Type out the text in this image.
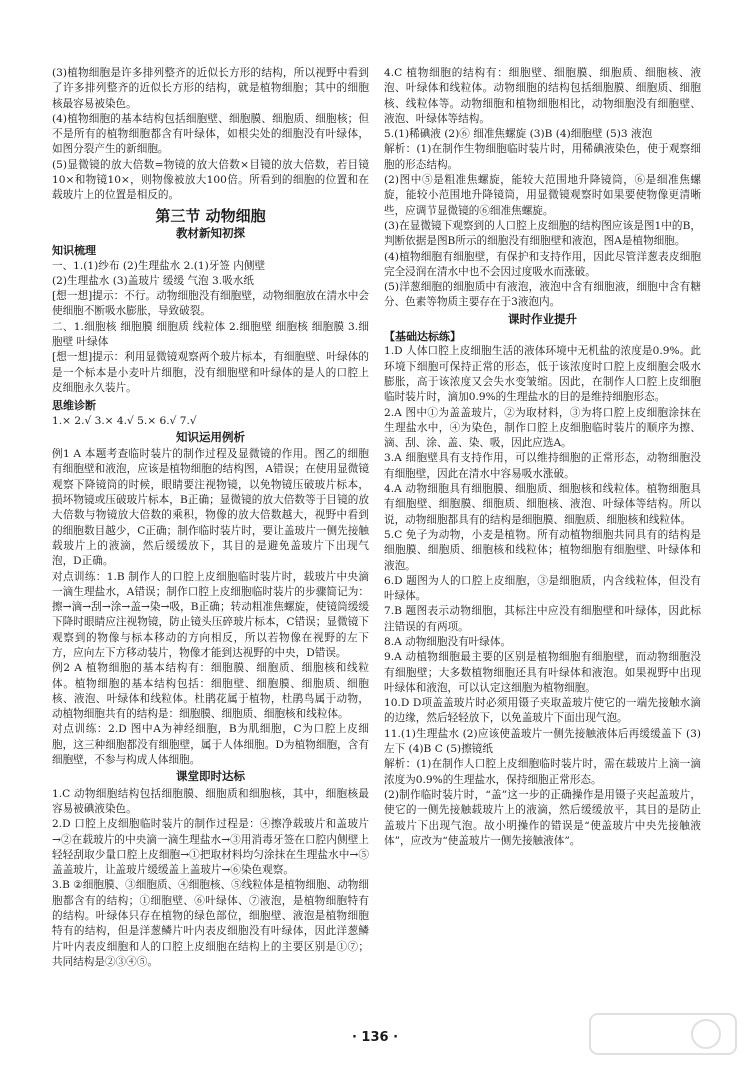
(3)植物细胞是许多排列整齐的近似长方形的结构，所以视野中看到了许多排列整齐的近似长方形的结构，就是植物细胞；其中的细胞核最容易被染色。

(4)植物细胞的基本结构包括细胞壁、细胞膜、细胞质、细胞核；但不是所有的植物细胞都含有叶绿体，如根尖处的细胞没有叶绿体，如图分裂产生的新细胞。

(5)显微镜的放大倍数=物镜的放大倍数×目镜的放大倍数，若目镜10×和物镜10×，则物像被放大100倍。所看到的细胞的位置和在载玻片上的位置是相反的。

第三节 动物细胞
教材新知初探
知识梳理

一、1.(1)纱布 (2)生理盐水 2.(1)牙签 内侧壁

(2)生理盐水 (3)盖玻片 缓缓 气泡 3.吸水纸

[想一想]提示：不行。动物细胞没有细胞壁，动物细胞放在清水中会使细胞不断吸水膨胀，导致破裂。

二、1.细胞核 细胞膜 细胞质 线粒体 2.细胞壁 细胞核 细胞膜 3.细胞壁 叶绿体

[想一想]提示：利用显微镜观察两个玻片标本，有细胞壁、叶绿体的是一个标本是小麦叶片细胞，没有细胞壁和叶绿体的是人的口腔上皮细胞永久装片。

思维诊断

1.× 2.√ 3.× 4.√ 5.× 6.√ 7.√

知识运用例析

例1 A 本题考查临时装片的制作过程及显微镜的作用。图乙的细胞有细胞壁和液泡，应该是植物细胞的结构图，A错误；在使用显微镜观察下降镜筒的时候，眼睛要注视物镜，以免物镜压破玻片标本，损坏物镜或压破玻片标本，B正确；显微镜的放大倍数等于目镜的放大倍数与物镜放大倍数的乘积，物像的放大倍数越大，视野中看到的细胞数目越少，C正确；制作临时装片时，要让盖玻片一侧先接触载玻片上的液滴，然后缓缓放下，其目的是避免盖玻片下出现气泡，D正确。

对点训练：1.B 制作人的口腔上皮细胞临时装片时，载玻片中央滴一滴生理盐水，A错误；制作口腔上皮细胞临时装片的步骤简记为：擦→滴→刮→涂→盖→染→吸，B正确；转动粗准焦螺旋，使镜筒缓缓下降时眼睛应注视物镜，防止镜头压碎玻片标本，C错误；显微镜下观察到的物像与标本移动的方向相反，所以若物像在视野的左下方，应向左下方移动装片，物像才能到达视野的中央，D错误。

例2 A 植物细胞的基本结构有：细胞膜、细胞质、细胞核和线粒体。植物细胞的基本结构包括：细胞壁、细胞膜、细胞质、细胞核、液泡、叶绿体和线粒体。杜鹃花属于植物，杜鹃鸟属于动物，动植物细胞共有的结构是：细胞膜、细胞质、细胞核和线粒体。

对点训练：2.D 图中A为神经细胞，B为肌细胞，C为口腔上皮细胞，这三种细胞都没有细胞壁，属于人体细胞。D为植物细胞，含有细胞壁，不参与构成人体细胞。

课堂即时达标

1.C 动物细胞结构包括细胞膜、细胞质和细胞核，其中，细胞核最容易被碘液染色。

2.D 口腔上皮细胞临时装片的制作过程是：④擦净载玻片和盖玻片→②在载玻片的中央滴一滴生理盐水→③用消毒牙签在口腔内侧壁上轻轻刮取少量口腔上皮细胞→①把取材料均匀涂抹在生理盐水中→⑤盖盖玻片，让盖玻片缓缓盖上盖玻片→⑥染色观察。

3.B ②细胞膜、③细胞质、④细胞核、⑤线粒体是植物细胞、动物细胞都含有的结构；①细胞壁、⑥叶绿体、⑦液泡，是植物细胞特有的结构。叶绿体只存在植物的绿色部位，细胞壁、液泡是植物细胞特有的结构，但是洋葱鳞片叶内表皮细胞没有叶绿体，因此洋葱鳞片叶内表皮细胞和人的口腔上皮细胞在结构上的主要区别是①⑦；共同结构是②③④⑤。

4.C 植物细胞的结构有：细胞壁、细胞膜、细胞质、细胞核、液泡、叶绿体和线粒体。动物细胞的结构包括细胞膜、细胞质、细胞核、线粒体等。动物细胞和植物细胞相比，动物细胞没有细胞壁、液泡、叶绿体等结构。

5.(1)稀碘液 (2)⑥ 细准焦螺旋 (3)B (4)细胞壁 (5)3 液泡

解析：(1)在制作生物细胞临时装片时，用稀碘液染色，使于观察细胞的形态结构。

(2)图中⑤是粗准焦螺旋，能较大范围地升降镜筒，⑥是细准焦螺旋，能较小范围地升降镜筒，用显微镜观察时如果要使物像更清晰些，应调节显微镜的⑥细准焦螺旋。

(3)在显微镜下观察到的人口腔上皮细胞的结构图应该是图1中的B，判断依据是图B所示的细胞没有细胞壁和液泡，图A是植物细胞。

(4)植物细胞有细胞壁，有保护和支持作用，因此尽管洋葱表皮细胞完全浸润在清水中也不会因过度吸水而涨破。

(5)洋葱细胞的细胞质中有液泡，液泡中含有细胞液，细胞中含有糖分、色素等物质主要存在于3液泡内。

课时作业提升
【基础达标练】

1.D 人体口腔上皮细胞生活的液体环境中无机盐的浓度是0.9%。此环境下细胞可保持正常的形态，低于该浓度时口腔上皮细胞会吸水膨胀，高于该浓度又会失水变皱缩。因此，在制作人口腔上皮细胞临时装片时，滴加0.9%的生理盐水的目的是维持细胞形态。

2.A 图中①为盖盖玻片，②为取材料，③为将口腔上皮细胞涂抹在生理盐水中，④为染色，制作口腔上皮细胞临时装片的顺序为擦、滴、刮、涂、盖、染、吸，因此应选A。

3.A 细胞壁具有支持作用，可以维持细胞的正常形态，动物细胞没有细胞壁，因此在清水中容易吸水涨破。

4.A 动物细胞具有细胞膜、细胞质、细胞核和线粒体。植物细胞具有细胞壁、细胞膜、细胞质、细胞核、液泡、叶绿体等结构。所以说，动物细胞都具有的结构是细胞膜、细胞质、细胞核和线粒体。

5.C 免子为动物，小麦是植物。所有动植物细胞共同具有的结构是细胞膜、细胞质、细胞核和线粒体；植物细胞有细胞壁、叶绿体和液泡。

6.D 题图为人的口腔上皮细胞，③是细胞质，内含线粒体，但没有叶绿体。

7.B 题图表示动物细胞，其标注中应没有细胞壁和叶绿体，因此标注错误的有两项。

8.A 动物细胞没有叶绿体。

9.A 动植物细胞最主要的区别是植物细胞有细胞壁，而动物细胞没有细胞壁；大多数植物细胞还具有叶绿体和液泡。如果视野中出现叶绿体和液泡，可以认定这细胞为植物细胞。

10.D D项盖盖玻片时必须用镊子夹取盖玻片使它的一端先接触水滴的边缘，然后轻轻放下，以免盖玻片下面出现气泡。

11.(1)生理盐水 (2)应该使盖玻片一侧先接触液体后再缓缓盖下 (3)左下 (4)B C (5)擦镜纸

解析：(1)在制作人口腔上皮细胞临时装片时，需在载玻片上滴一滴浓度为0.9%的生理盐水，保持细胞正常形态。

(2)制作临时装片时，“盖”这一步的正确操作是用镊子夹起盖玻片，使它的一侧先接触载玻片上的液滴，然后缓缓放平，其目的是防止盖玻片下出现气泡。故小明操作的错误是“使盖玻片中央先接触液体”，应改为“使盖玻片一侧先接触液体”。

· 136 ·
